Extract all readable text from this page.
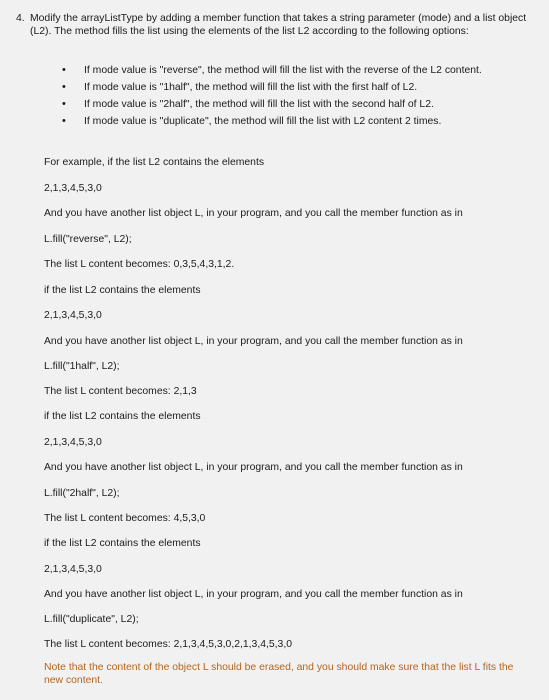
4. Modify the arrayListType by adding a member function that takes a string parameter (mode) and a list object (L2). The method fills the list using the elements of the list L2 according to the following options:
• If mode value is "reverse", the method will fill the list with the reverse of the L2 content.
• If mode value is "1half", the method will fill the list with the first half of L2.
• If mode value is "2half", the method will fill the list with the second half of L2.
• If mode value is "duplicate", the method will fill the list with L2 content 2 times.
For example, if the list L2 contains the elements
2,1,3,4,5,3,0
And you have another list object L, in your program, and you call the member function as in
L.fill("reverse", L2);
The list L content becomes: 0,3,5,4,3,1,2.
if the list L2 contains the elements
2,1,3,4,5,3,0
And you have another list object L, in your program, and you call the member function as in
L.fill("1half", L2);
The list L content becomes: 2,1,3
if the list L2 contains the elements
2,1,3,4,5,3,0
And you have another list object L, in your program, and you call the member function as in
L.fill("2half", L2);
The list L content becomes: 4,5,3,0
if the list L2 contains the elements
2,1,3,4,5,3,0
And you have another list object L, in your program, and you call the member function as in
L.fill("duplicate", L2);
The list L content becomes: 2,1,3,4,5,3,0,2,1,3,4,5,3,0
Note that the content of the object L should be erased, and you should make sure that the list L fits the new content.
